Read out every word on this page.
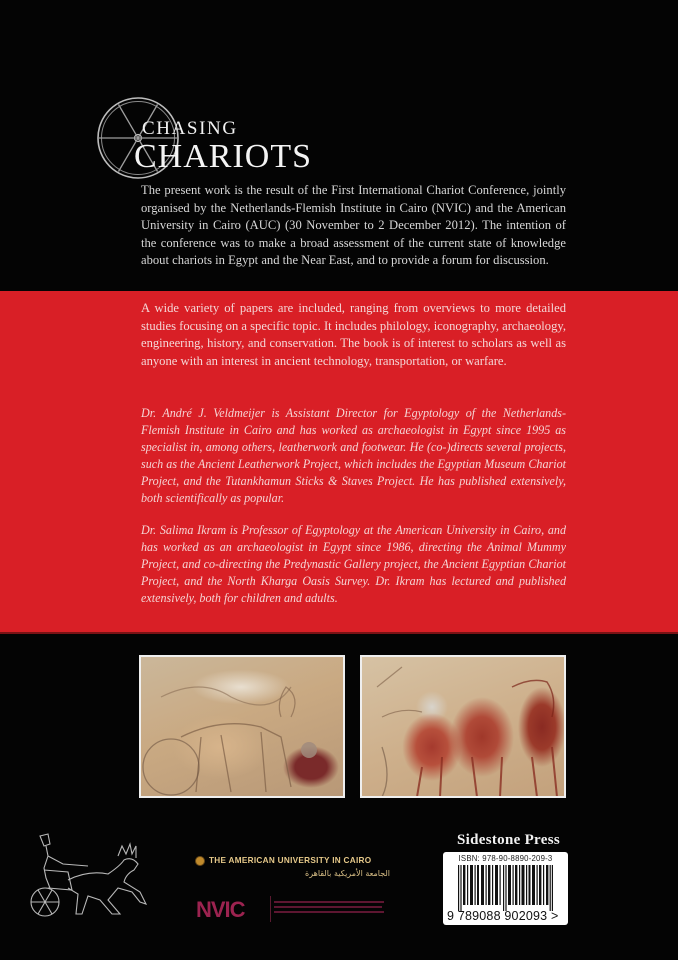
CHASING
CHARIOTS

The present work is the result of the First International Chariot Conference, jointly organised by the Netherlands-Flemish Institute in Cairo (NVIC) and the American University in Cairo (AUC) (30 November to 2 December 2012). The intention of the conference was to make a broad assessment of the current state of knowledge about chariots in Egypt and the Near East, and to provide a forum for discussion.

A wide variety of papers are included, ranging from overviews to more detailed studies focusing on a specific topic. It includes philology, iconography, archaeology, engineering, history, and conservation. The book is of interest to scholars as well as anyone with an interest in ancient technology, transportation, or warfare.

Dr. André J. Veldmeijer is Assistant Director for Egyptology of the Netherlands-Flemish Institute in Cairo and has worked as archaeologist in Egypt since 1995 as specialist in, among others, leatherwork and footwear. He (co-)directs several projects, such as the Ancient Leatherwork Project, which includes the Egyptian Museum Chariot Project, and the Tutankhamun Sticks & Staves Project. He has published extensively, both scientifically as popular.

Dr. Salima Ikram is Professor of Egyptology at the American University in Cairo, and has worked as an archaeologist in Egypt since 1986, directing the Animal Mummy Project, and co-directing the Predynastic Gallery project, the Ancient Egyptian Chariot Project, and the North Kharga Oasis Survey. Dr. Ikram has lectured and published extensively, both for children and adults.

THE AMERICAN UNIVERSITY IN CAIRO
الجامعة الأمريكية بالقاهرة
NVIC
Sidestone Press
ISBN: 978-90-8890-209-3
9 789088 902093 >
